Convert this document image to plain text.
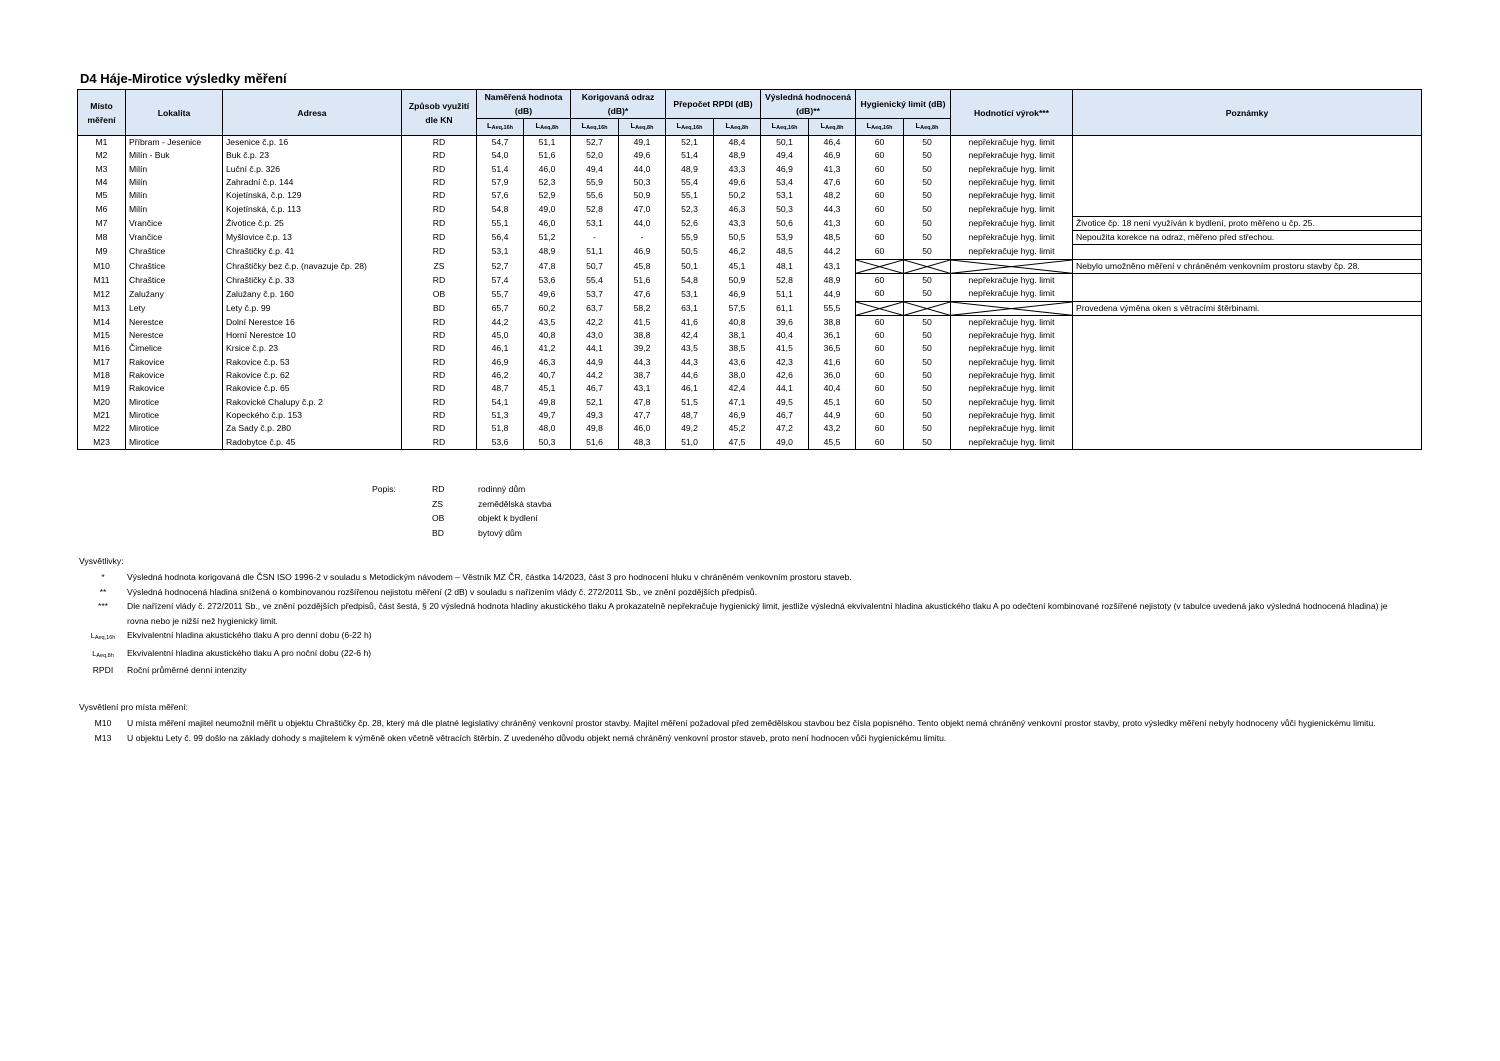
D4 Háje-Mirotice výsledky měření
Místo měření	Lokalita	Adresa	Způsob využití dle KN	Naměřená hodnota (dB)		Korigovaná odraz (dB)*		Přepočet RPDI (dB)		Výsledná hodnocená (dB)**		Hygienický limit (dB)		Hodnotící výrok***	Poznámky
				LAeq,16h	LAeq,8h	LAeq,16h	LAeq,8h	LAeq,16h	LAeq,8h	LAeq,16h	LAeq,8h	LAeq,16h	LAeq,8h		
M1	Příbram - Jesenice	Jesenice č.p. 16	RD	54,7	51,1	52,7	49,1	52,1	48,4	50,1	46,4	60	50	nepřekračuje hyg. limit	
M2	Milín - Buk	Buk č.p. 23	RD	54,0	51,6	52,0	49,6	51,4	48,9	49,4	46,9	60	50	nepřekračuje hyg. limit	
M3	Milín	Luční č.p. 326	RD	51,4	46,0	49,4	44,0	48,9	43,3	46,9	41,3	60	50	nepřekračuje hyg. limit	
M4	Milín	Zahradní č.p. 144	RD	57,9	52,3	55,9	50,3	55,4	49,6	53,4	47,6	60	50	nepřekračuje hyg. limit	
M5	Milín	Kojetínská, č.p. 129	RD	57,6	52,9	55,6	50,9	55,1	50,2	53,1	48,2	60	50	nepřekračuje hyg. limit	
M6	Milín	Kojetínská, č.p. 113	RD	54,8	49,0	52,8	47,0	52,3	46,3	50,3	44,3	60	50	nepřekračuje hyg. limit	
M7	Vrančice	Životice č.p. 25	RD	55,1	46,0	53,1	44,0	52,6	43,3	50,6	41,3	60	50	nepřekračuje hyg. limit	Životice čp. 18 není využíván k bydlení, proto měřeno u čp. 25.
M8	Vrančice	Myšlovice č.p. 13	RD	56,4	51,2	-	-	55,9	50,5	53,9	48,5	60	50	nepřekračuje hyg. limit	Nepoužita korekce na odraz, měřeno před střechou.
M9	Chraštice	Chraštičky č.p. 41	RD	53,1	48,9	51,1	46,9	50,5	46,2	48,5	44,2	60	50	nepřekračuje hyg. limit	
M10	Chraštice	Chraštičky bez č.p. (navazuje čp. 28)	ZS	52,7	47,8	50,7	45,8	50,1	45,1	48,1	43,1				Nebylo umožněno měření v chráněném venkovním prostoru stavby čp. 28.
M11	Chraštice	Chraštičky č.p. 33	RD	57,4	53,6	55,4	51,6	54,8	50,9	52,8	48,9	60	50	nepřekračuje hyg. limit	
M12	Zalužany	Zalužany č.p. 160	OB	55,7	49,6	53,7	47,6	53,1	46,9	51,1	44,9	60	50	nepřekračuje hyg. limit	
M13	Lety	Lety č.p. 99	BD	65,7	60,2	63,7	58,2	63,1	57,5	61,1	55,5				Provedena výměna oken s větracími štěrbinami.
M14	Nerestce	Dolní Nerestce 16	RD	44,2	43,5	42,2	41,5	41,6	40,8	39,6	38,8	60	50	nepřekračuje hyg. limit	
M15	Nerestce	Horní Nerestce 10	RD	45,0	40,8	43,0	38,8	42,4	38,1	40,4	36,1	60	50	nepřekračuje hyg. limit	
M16	Čimelice	Krsice č.p. 23	RD	46,1	41,2	44,1	39,2	43,5	38,5	41,5	36,5	60	50	nepřekračuje hyg. limit	
M17	Rakovice	Rakovice č.p. 53	RD	46,9	46,3	44,9	44,3	44,3	43,6	42,3	41,6	60	50	nepřekračuje hyg. limit	
M18	Rakovice	Rakovice č.p. 62	RD	46,2	40,7	44,2	38,7	44,6	38,0	42,6	36,0	60	50	nepřekračuje hyg. limit	
M19	Rakovice	Rakovice č.p. 65	RD	48,7	45,1	46,7	43,1	46,1	42,4	44,1	40,4	60	50	nepřekračuje hyg. limit	
M20	Mirotice	Rakovické Chalupy č.p. 2	RD	54,1	49,8	52,1	47,8	51,5	47,1	49,5	45,1	60	50	nepřekračuje hyg. limit	
M21	Mirotice	Kopeckého č.p. 153	RD	51,3	49,7	49,3	47,7	48,7	46,9	46,7	44,9	60	50	nepřekračuje hyg. limit	
M22	Mirotice	Za Sady č.p. 280	RD	51,8	48,0	49,8	46,0	49,2	45,2	47,2	43,2	60	50	nepřekračuje hyg. limit	
M23	Mirotice	Radobytce č.p. 45	RD	53,6	50,3	51,6	48,3	51,0	47,5	49,0	45,5	60	50	nepřekračuje hyg. limit	
Popis:	RD	rodinný dům
ZS	zemědělská stavba
OB	objekt k bydlení
BD	bytový dům
Vysvětlivky:
*	Výsledná hodnota korigovaná dle ČSN ISO 1996-2 v souladu s Metodickým návodem – Věstník MZ ČR, částka 14/2023, část 3 pro hodnocení hluku v chráněném venkovním prostoru staveb.
**	Výsledná hodnocená hladina snížená o kombinovanou rozšířenou nejistotu měření (2 dB) v souladu s nařízením vlády č. 272/2011 Sb., ve znění pozdějších předpisů.
***	Dle nařízení vlády č. 272/2011 Sb., ve znění pozdějších předpisů, část šestá, § 20 výsledná hodnota hladiny akustického tlaku A prokazatelně nepřekračuje hygienický limit, jestliže výsledná ekvivalentní hladina akustického tlaku A po odečtení kombinované rozšířené nejistoty (v tabulce uvedená jako výsledná hodnocená hladina) je rovna nebo je nižší než hygienický limit.
LAeq,16h	Ekvivalentní hladina akustického tlaku A pro denní dobu (6-22 h)
LAeq,8h	Ekvivalentní hladina akustického tlaku A pro noční dobu (22-6 h)
RPDI	Roční průměrné denní intenzity
Vysvětlení pro místa měření:
M10	U místa měření majitel neumožnil měřit u objektu Chraštičky čp. 28, který má dle platné legislativy chráněný venkovní prostor stavby. Majitel měření požadoval před zemědělskou stavbou bez čísla popisného. Tento objekt nemá chráněný venkovní prostor stavby, proto výsledky měření nebyly hodnoceny vůči hygienickému limitu.
M13	U objektu Lety č. 99 došlo na základy dohody s majitelem k výměně oken včetně větracích štěrbin. Z uvedeného důvodu objekt nemá chráněný venkovní prostor staveb, proto není hodnocen vůči hygienickému limitu.
